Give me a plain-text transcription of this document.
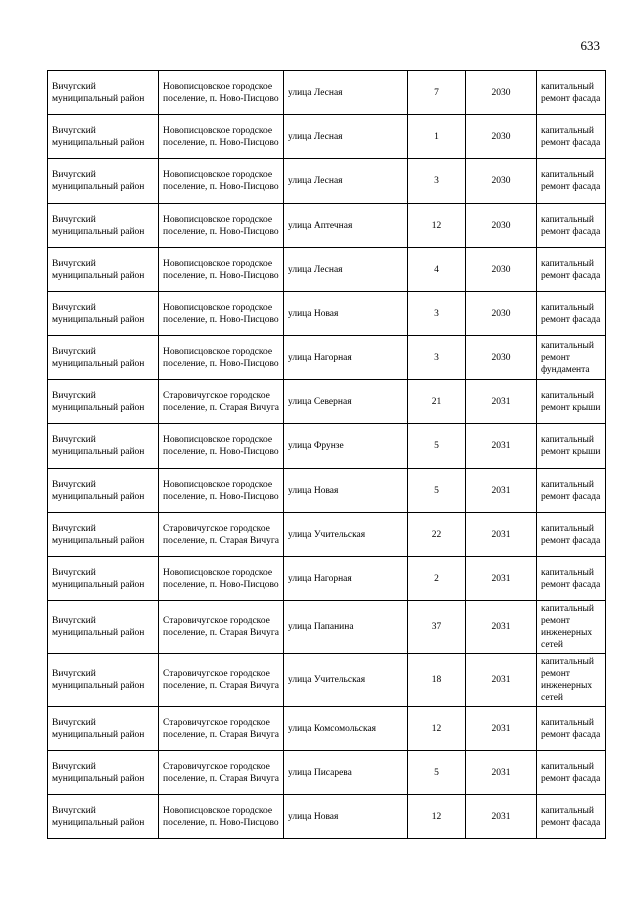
633
Вичугский муниципальный район	Новописцовское городское поселение, п. Ново-Писцово	улица Лесная	7	2030	капитальный ремонт фасада
Вичугский муниципальный район	Новописцовское городское поселение, п. Ново-Писцово	улица Лесная	1	2030	капитальный ремонт фасада
Вичугский муниципальный район	Новописцовское городское поселение, п. Ново-Писцово	улица Лесная	3	2030	капитальный ремонт фасада
Вичугский муниципальный район	Новописцовское городское поселение, п. Ново-Писцово	улица Аптечная	12	2030	капитальный ремонт фасада
Вичугский муниципальный район	Новописцовское городское поселение, п. Ново-Писцово	улица Лесная	4	2030	капитальный ремонт фасада
Вичугский муниципальный район	Новописцовское городское поселение, п. Ново-Писцово	улица Новая	3	2030	капитальный ремонт фасада
Вичугский муниципальный район	Новописцовское городское поселение, п. Ново-Писцово	улица Нагорная	3	2030	капитальный ремонт фундамента
Вичугский муниципальный район	Старовичугское городское поселение, п. Старая Вичуга	улица Северная	21	2031	капитальный ремонт крыши
Вичугский муниципальный район	Новописцовское городское поселение, п. Ново-Писцово	улица Фрунзе	5	2031	капитальный ремонт крыши
Вичугский муниципальный район	Новописцовское городское поселение, п. Ново-Писцово	улица Новая	5	2031	капитальный ремонт фасада
Вичугский муниципальный район	Старовичугское городское поселение, п. Старая Вичуга	улица Учительская	22	2031	капитальный ремонт фасада
Вичугский муниципальный район	Новописцовское городское поселение, п. Ново-Писцово	улица Нагорная	2	2031	капитальный ремонт фасада
Вичугский муниципальный район	Старовичугское городское поселение, п. Старая Вичуга	улица Папанина	37	2031	капитальный ремонт инженерных сетей
Вичугский муниципальный район	Старовичугское городское поселение, п. Старая Вичуга	улица Учительская	18	2031	капитальный ремонт инженерных сетей
Вичугский муниципальный район	Старовичугское городское поселение, п. Старая Вичуга	улица Комсомольская	12	2031	капитальный ремонт фасада
Вичугский муниципальный район	Старовичугское городское поселение, п. Старая Вичуга	улица Писарева	5	2031	капитальный ремонт фасада
Вичугский муниципальный район	Новописцовское городское поселение, п. Ново-Писцово	улица Новая	12	2031	капитальный ремонт фасада
